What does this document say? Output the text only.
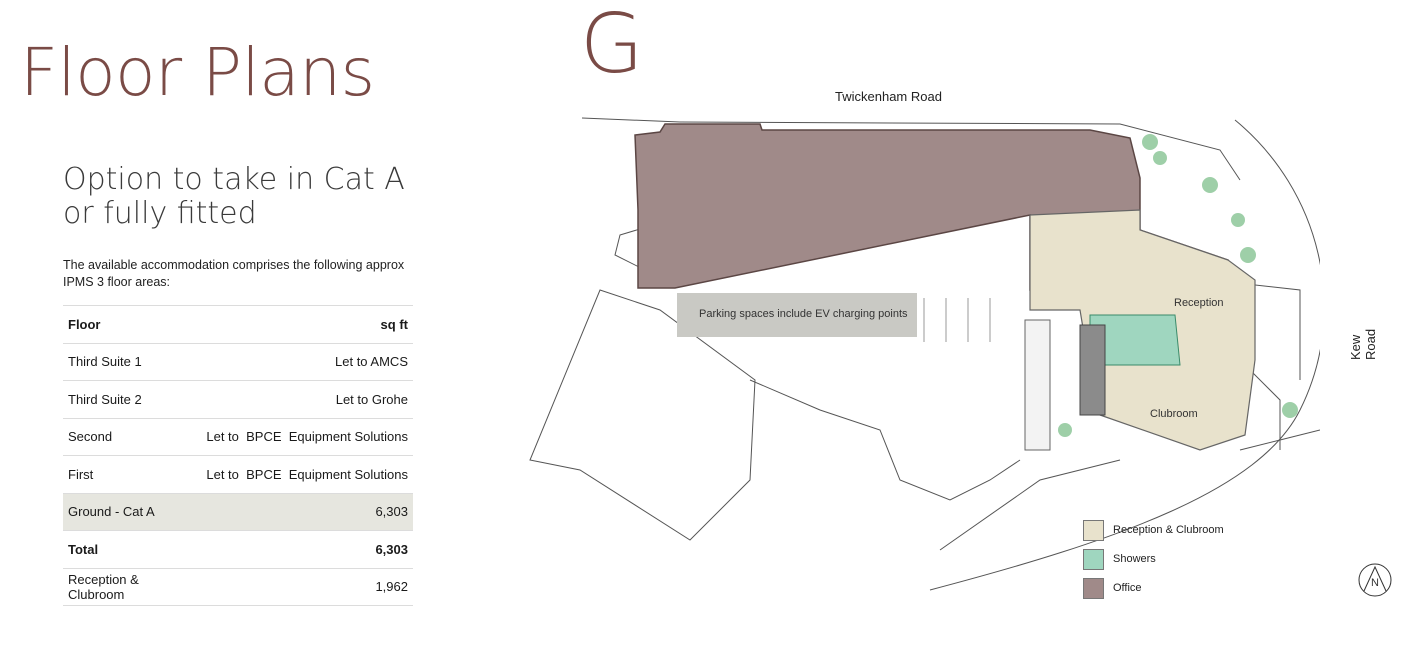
Floor Plans
Option to take in Cat A
or fully fitted
The available accommodation comprises the following approx IPMS 3 floor areas:
Floor	sq ft
Third Suite 1	Let to AMCS
Third Suite 2	Let to Grohe
Second	Let to  BPCE  Equipment Solutions
First	Let to  BPCE  Equipment Solutions
Ground - Cat A	6,303
Total	6,303
Reception & Clubroom	1,962
G
Twickenham Road
Kew Road
Parking spaces include EV charging points
Reception
Clubroom
Reception & Clubroom
Showers
Office	N
